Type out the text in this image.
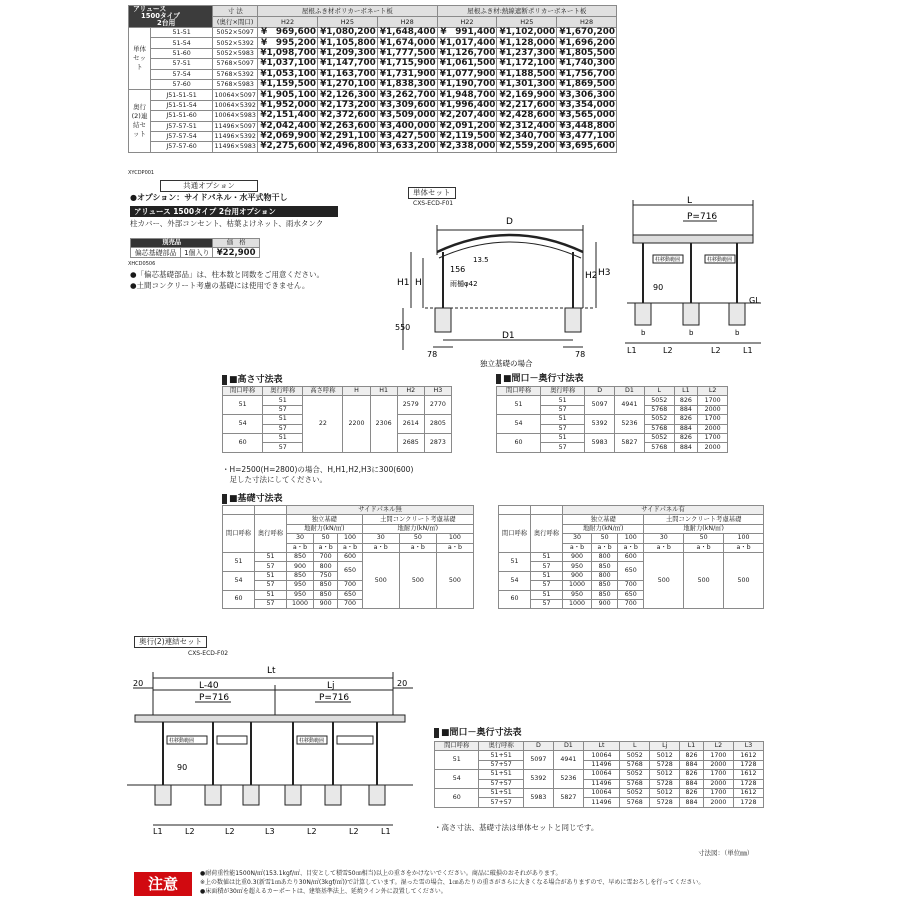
アリュース
1500タイプ
2台用		寸 法	屋根ふき材ポリカーボネート板			屋根ふき材:熱線遮断ポリカーボネート板		
		(奥行×間口)	H22	H25	H28	H22	H25	H28
単体セット	51-51	5052×5097	¥　969,600	¥1,080,200	¥1,648,400	¥　991,400	¥1,102,000	¥1,670,200
	51-54	5052×5392	¥　995,200	¥1,105,800	¥1,674,000	¥1,017,400	¥1,128,000	¥1,696,200
	51-60	5052×5983	¥1,098,700	¥1,209,300	¥1,777,500	¥1,126,700	¥1,237,300	¥1,805,500
	57-51	5768×5097	¥1,037,100	¥1,147,700	¥1,715,900	¥1,061,500	¥1,172,100	¥1,740,300
	57-54	5768×5392	¥1,053,100	¥1,163,700	¥1,731,900	¥1,077,900	¥1,188,500	¥1,756,700
	57-60	5768×5983	¥1,159,500	¥1,270,100	¥1,838,300	¥1,190,700	¥1,301,300	¥1,869,500
奥行(2)連結セット	J51-51-51	10064×5097	¥1,905,100	¥2,126,300	¥3,262,700	¥1,948,700	¥2,169,900	¥3,306,300
	J51-51-54	10064×5392	¥1,952,000	¥2,173,200	¥3,309,600	¥1,996,400	¥2,217,600	¥3,354,000
	J51-51-60	10064×5983	¥2,151,400	¥2,372,600	¥3,509,000	¥2,207,400	¥2,428,600	¥3,565,000
	J57-57-51	11496×5097	¥2,042,400	¥2,263,600	¥3,400,000	¥2,091,200	¥2,312,400	¥3,448,800
	J57-57-54	11496×5392	¥2,069,900	¥2,291,100	¥3,427,500	¥2,119,500	¥2,340,700	¥3,477,100
	J57-57-60	11496×5983	¥2,275,600	¥2,496,800	¥3,633,200	¥2,338,000	¥2,559,200	¥3,695,600
XYCDP001
共通オプション
●オプション：サイドパネル・水平式物干し
アリュース 1500タイプ 2台用オプション
柱カバー、外部コンセント、枯葉よけネット、雨水タンク
別売品		価　格
偏芯基礎部品	1個入り	¥22,900
XHCD0506
●「偏芯基礎部品」は、柱本数と同数をご用意ください。
●土間コンクリート考慮の基礎には使用できません。
単体セット
CXS-ECD-F01
D
D1
H1 H
H2 H3
156
13.5
雨樋φ42
550
78	78
独立基礎の場合
L
P=716
90
GL
L1	L2	L2	L1
b	b	b
柱移動範囲	柱移動範囲
■高さ寸法表
間口呼称	奥行呼称	高さ呼称	H	H1	H2	H3
51	51	22	2200	2306	2579	2770
	57					
54	51				2614	2805
	57					
60	51				2685	2873
	57					
・H=2500(H=2800)の場合、H,H1,H2,H3に300(600)
　足した寸法にしてください。
■間口－奥行寸法表
間口呼称	奥行呼称	D	D1	L	L1	L2
51	51	5097	4941	5052	826	1700
	57			5768	884	2000
54	51	5392	5236	5052	826	1700
	57			5768	884	2000
60	51	5983	5827	5052	826	1700
	57			5768	884	2000
■基礎寸法表
		サイドパネル無					
間口呼称	奥行呼称	独立基礎			土間コンクリート考慮基礎		
		地耐力(kN/㎡)			地耐力(kN/㎡)		
		30	50	100	30	50	100
		a・b	a・b	a・b	a・b	a・b	a・b
51	51	850	700	600	500	500	500
	57	900	800	650			
54	51	850	750				
	57	950	850	700			
60	51	950	850	650			
	57	1000	900	700			
		サイドパネル有					
間口呼称	奥行呼称	独立基礎			土間コンクリート考慮基礎		
		地耐力(kN/㎡)			地耐力(kN/㎡)		
		30	50	100	30	50	100
		a・b	a・b	a・b	a・b	a・b	a・b
51	51	900	800	600	500	500	500
	57	950	850	650			
54	51	900	800				
	57	1000	850	700			
60	51	950	850	650			
	57	1000	900	700			
奥行(2)連結セット
CXS-ECD-F02
Lt
20	20
L-40	Lj
P=716	P=716
90
柱移動範囲	柱移動範囲
L1	L2	L2	L3	L2	L2	L1
■間口－奥行寸法表
間口呼称	奥行呼称	D	D1	Lt	L	Lj	L1	L2	L3
51	51+51	5097	4941	10064	5052	5012	826	1700	1612
	57+57			11496	5768	5728	884	2000	1728
54	51+51	5392	5236	10064	5052	5012	826	1700	1612
	57+57			11496	5768	5728	884	2000	1728
60	51+51	5983	5827	10064	5052	5012	826	1700	1612
	57+57			11496	5768	5728	884	2000	1728
・高さ寸法、基礎寸法は単体セットと同じです。
寸法図：（単位㎜）
注意
●耐荷重性能1500N/㎡(153.1kgf/㎡、目安として積雪50㎝相当)以上の重さをかけないでください。商品に破損のおそれがあります。
※上の数値は比重0.3(新雪1㎝あたり30N/㎡(3kgf/㎡))で計算しています。湿った雪の場合、1㎝あたりの重さがさらに大きくなる場合がありますので、早めに雪おろしを行ってください。
●床面積が30㎡を超えるカーポートは、建築基準法上、延焼ライン外に設置してください。
